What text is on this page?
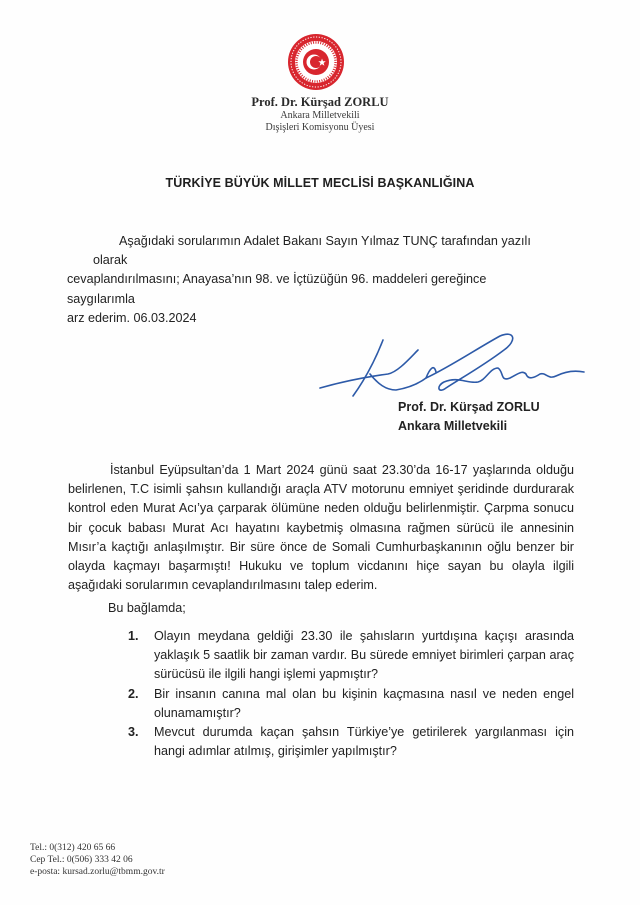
Prof. Dr. Kürşad ZORLU
Ankara Milletvekili
Dışişleri Komisyonu Üyesi
TÜRKİYE BÜYÜK MİLLET MECLİSİ BAŞKANLIĞINA
Aşağıdaki sorularımın Adalet Bakanı Sayın Yılmaz TUNÇ tarafından yazılı olarak
cevaplandırılmasını; Anayasa’nın 98. ve İçtüzüğün 96. maddeleri gereğince saygılarımla
arz ederim. 06.03.2024
Prof. Dr. Kürşad ZORLU
Ankara Milletvekili
İstanbul Eyüpsultan’da 1 Mart 2024 günü saat 23.30’da 16-17 yaşlarında olduğu belirlenen, T.C isimli şahsın kullandığı araçla ATV motorunu emniyet şeridinde durdurarak kontrol eden Murat Acı’ya çarparak ölümüne neden olduğu belirlenmiştir. Çarpma sonucu bir çocuk babası Murat Acı hayatını kaybetmiş olmasına rağmen sürücü ile annesinin Mısır’a kaçtığı anlaşılmıştır. Bir süre önce de Somali Cumhurbaşkanının oğlu benzer bir olayda kaçmayı başarmıştı! Hukuku ve toplum vicdanını hiçe sayan bu olayla ilgili aşağıdaki sorularımın cevaplandırılmasını talep ederim.
Bu bağlamda;
1. Olayın meydana geldiği 23.30 ile şahısların yurtdışına kaçışı arasında yaklaşık 5 saatlik bir zaman vardır. Bu sürede emniyet birimleri çarpan araç sürücüsü ile ilgili hangi işlemi yapmıştır?
2. Bir insanın canına mal olan bu kişinin kaçmasına nasıl ve neden engel olunamamıştır?
3. Mevcut durumda kaçan şahsın Türkiye’ye getirilerek yargılanması için hangi adımlar atılmış, girişimler yapılmıştır?
Tel.: 0(312) 420 65 66
Cep Tel.: 0(506) 333 42 06
e-posta: kursad.zorlu@tbmm.gov.tr
